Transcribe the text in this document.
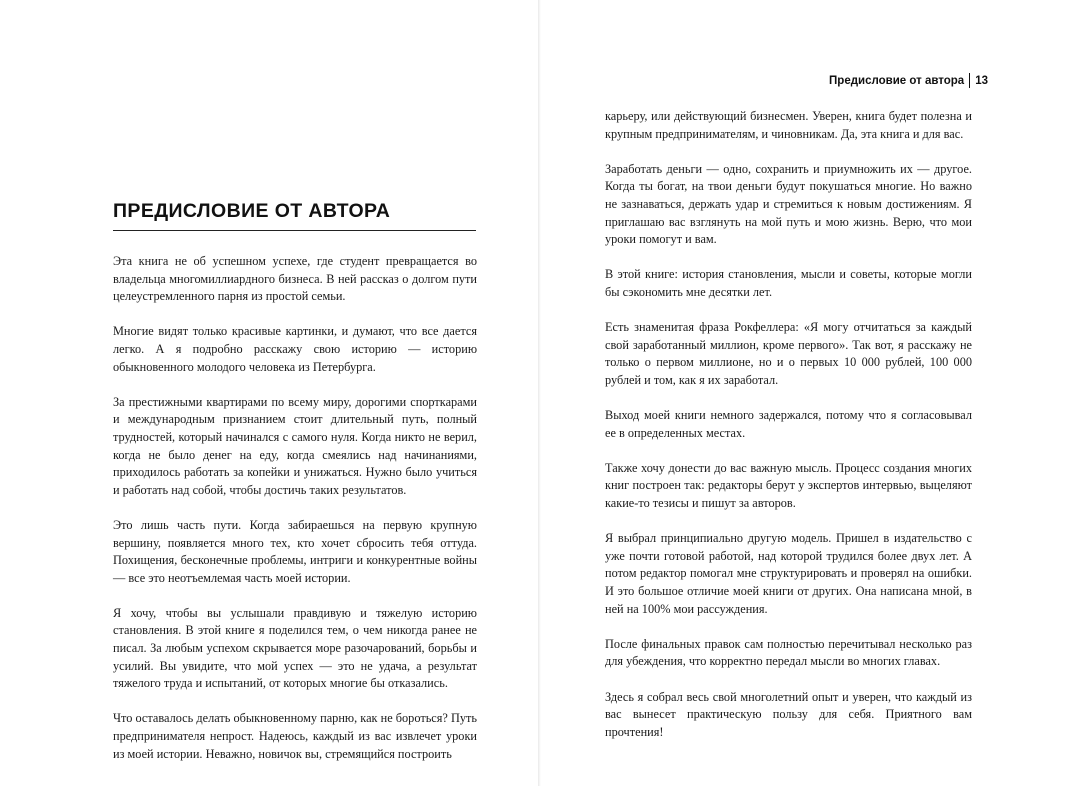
ПРЕДИСЛОВИЕ ОТ АВТОРА

Эта книга не об успешном успехе, где студент превращается во владельца многомиллиардного бизнеса. В ней рассказ о долгом пути целеустремленного парня из простой семьи.

Многие видят только красивые картинки, и думают, что все дается легко. А я подробно расскажу свою историю — историю обыкновенного молодого человека из Петербурга.

За престижными квартирами по всему миру, дорогими спорткарами и международным признанием стоит длительный путь, полный трудностей, который начинался с самого нуля. Когда никто не верил, когда не было денег на еду, когда смеялись над начинаниями, приходилось работать за копейки и унижаться. Нужно было учиться и работать над собой, чтобы достичь таких результатов.

Это лишь часть пути. Когда забираешься на первую крупную вершину, появляется много тех, кто хочет сбросить тебя оттуда. Похищения, бесконечные проблемы, интриги и конкурентные войны — все это неотъемлемая часть моей истории.

Я хочу, чтобы вы услышали правдивую и тяжелую историю становления. В этой книге я поделился тем, о чем никогда ранее не писал. За любым успехом скрывается море разочарований, борьбы и усилий. Вы увидите, что мой успех — это не удача, а результат тяжелого труда и испытаний, от которых многие бы отказались.

Что оставалось делать обыкновенному парню, как не бороться? Путь предпринимателя непрост. Надеюсь, каждый из вас извлечет уроки из моей истории. Неважно, новичок вы, стремящийся построить

Предисловие от автора 13

карьеру, или действующий бизнесмен. Уверен, книга будет полезна и крупным предпринимателям, и чиновникам. Да, эта книга и для вас.

Заработать деньги — одно, сохранить и приумножить их — другое. Когда ты богат, на твои деньги будут покушаться многие. Но важно не зазнаваться, держать удар и стремиться к новым достижениям. Я приглашаю вас взглянуть на мой путь и мою жизнь. Верю, что мои уроки помогут и вам.

В этой книге: история становления, мысли и советы, которые могли бы сэкономить мне десятки лет.

Есть знаменитая фраза Рокфеллера: «Я могу отчитаться за каждый свой заработанный миллион, кроме первого». Так вот, я расскажу не только о первом миллионе, но и о первых 10 000 рублей, 100 000 рублей и том, как я их заработал.

Выход моей книги немного задержался, потому что я согласовывал ее в определенных местах.

Также хочу донести до вас важную мысль. Процесс создания многих книг построен так: редакторы берут у экспертов интервью, выцеляют какие-то тезисы и пишут за авторов.

Я выбрал принципиально другую модель. Пришел в издательство с уже почти готовой работой, над которой трудился более двух лет. А потом редактор помогал мне структурировать и проверял на ошибки. И это большое отличие моей книги от других. Она написана мной, в ней на 100% мои рассуждения.

После финальных правок сам полностью перечитывал несколько раз для убеждения, что корректно передал мысли во многих главах.

Здесь я собрал весь свой многолетний опыт и уверен, что каждый из вас вынесет практическую пользу для себя. Приятного вам прочтения!
